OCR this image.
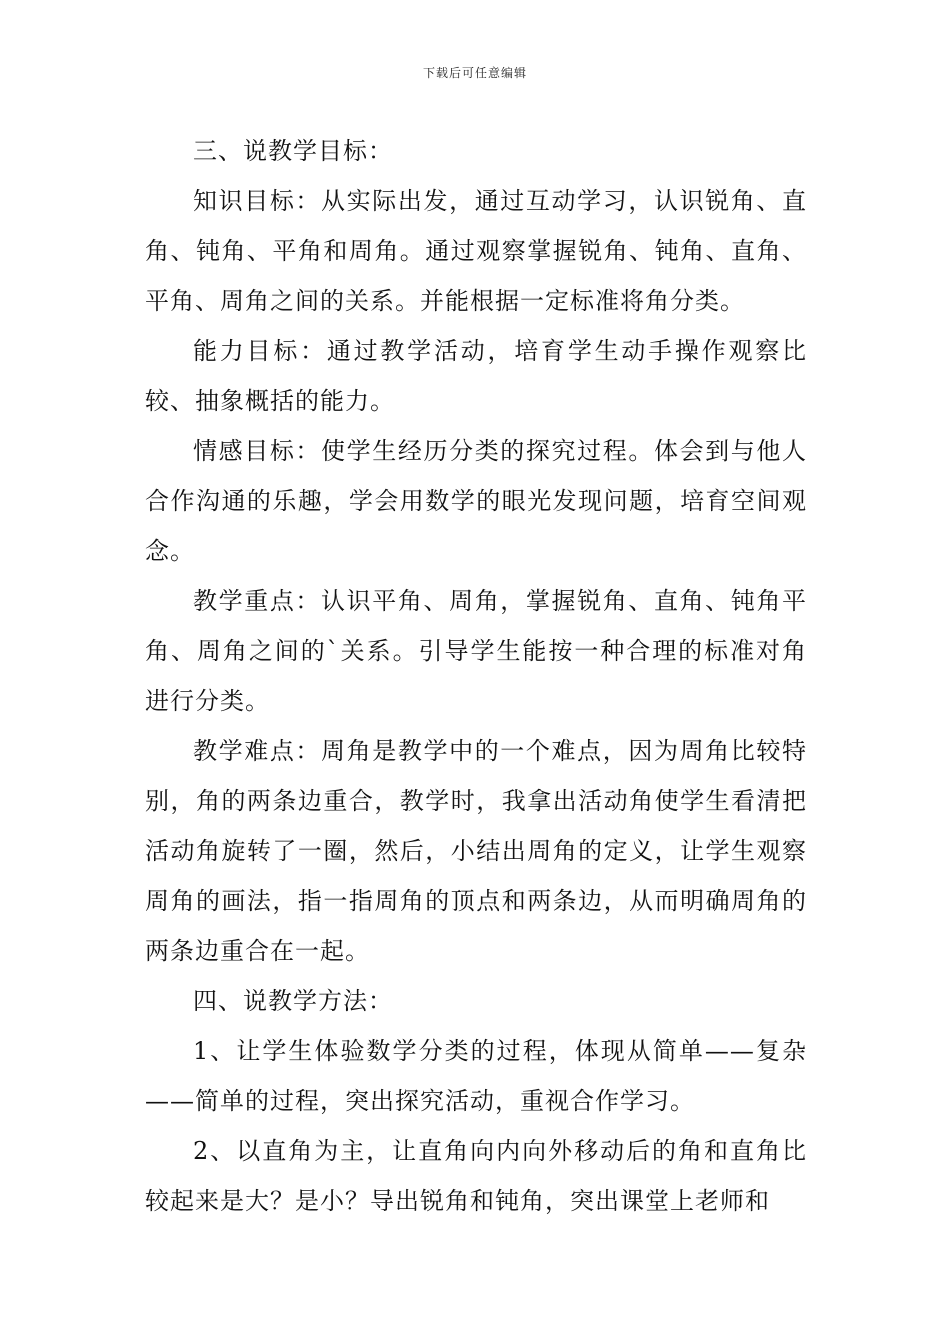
下载后可任意编辑

三、说教学目标：

知识目标：从实际出发，通过互动学习，认识锐角、直角、钝角、平角和周角。通过观察掌握锐角、钝角、直角、平角、周角之间的关系。并能根据一定标准将角分类。

能力目标：通过教学活动，培育学生动手操作观察比较、抽象概括的能力。

情感目标：使学生经历分类的探究过程。体会到与他人合作沟通的乐趣，学会用数学的眼光发现问题，培育空间观念。

教学重点：认识平角、周角，掌握锐角、直角、钝角平角、周角之间的`关系。引导学生能按一种合理的标准对角进行分类。

教学难点：周角是教学中的一个难点，因为周角比较特别，角的两条边重合，教学时，我拿出活动角使学生看清把活动角旋转了一圈，然后，小结出周角的定义，让学生观察周角的画法，指一指周角的顶点和两条边，从而明确周角的两条边重合在一起。

四、说教学方法：

1、让学生体验数学分类的过程，体现从简单——复杂——简单的过程，突出探究活动，重视合作学习。

2、以直角为主，让直角向内向外移动后的角和直角比较起来是大？是小？导出锐角和钝角，突出课堂上老师和
